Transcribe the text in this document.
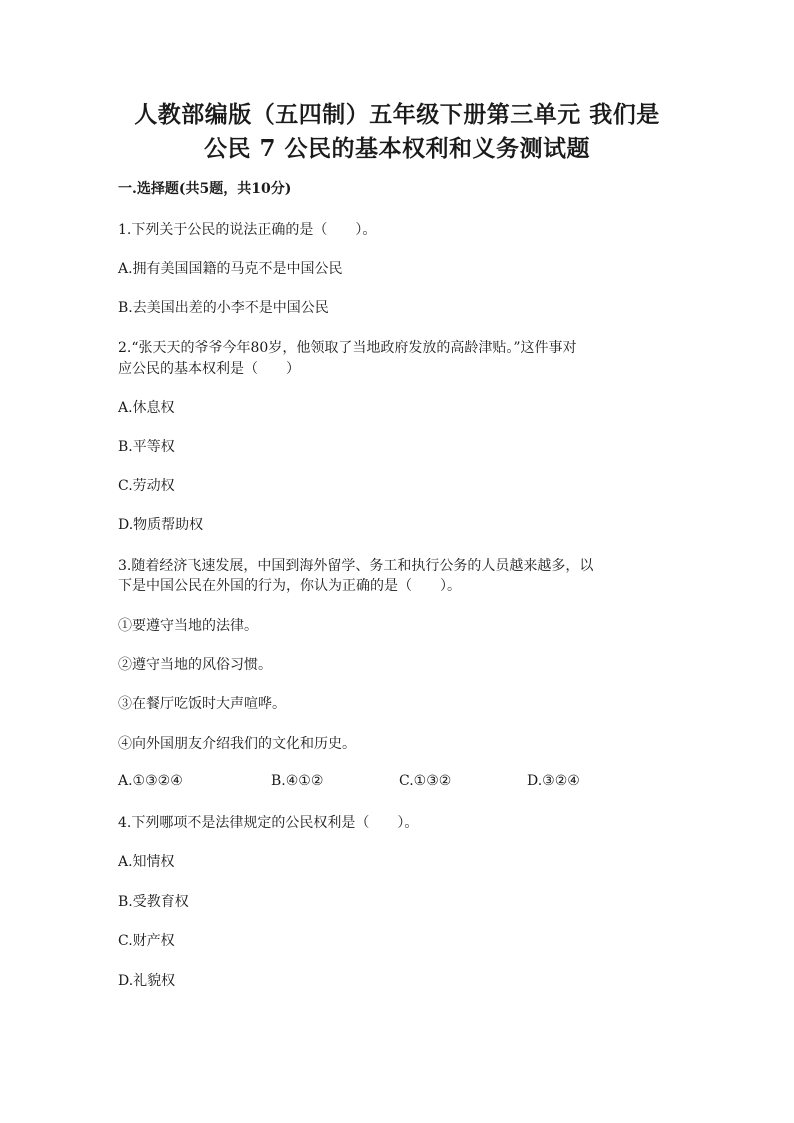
人教部编版（五四制）五年级下册第三单元 我们是
公民 7 公民的基本权利和义务测试题
一.选择题(共5题，共10分)
1.下列关于公民的说法正确的是（　　）。
A.拥有美国国籍的马克不是中国公民
B.去美国出差的小李不是中国公民
2.“张天天的爷爷今年80岁，他领取了当地政府发放的高龄津贴。”这件事对
应公民的基本权利是（　　）
A.休息权
B.平等权
C.劳动权
D.物质帮助权
3.随着经济飞速发展，中国到海外留学、务工和执行公务的人员越来越多，以
下是中国公民在外国的行为，你认为正确的是（　　）。
①要遵守当地的法律。
②遵守当地的风俗习惯。
③在餐厅吃饭时大声喧哗。
④向外国朋友介绍我们的文化和历史。
A.①③②④	B.④①②	C.①③②	D.③②④
4.下列哪项不是法律规定的公民权利是（　　）。
A.知情权
B.受教育权
C.财产权
D.礼貌权
